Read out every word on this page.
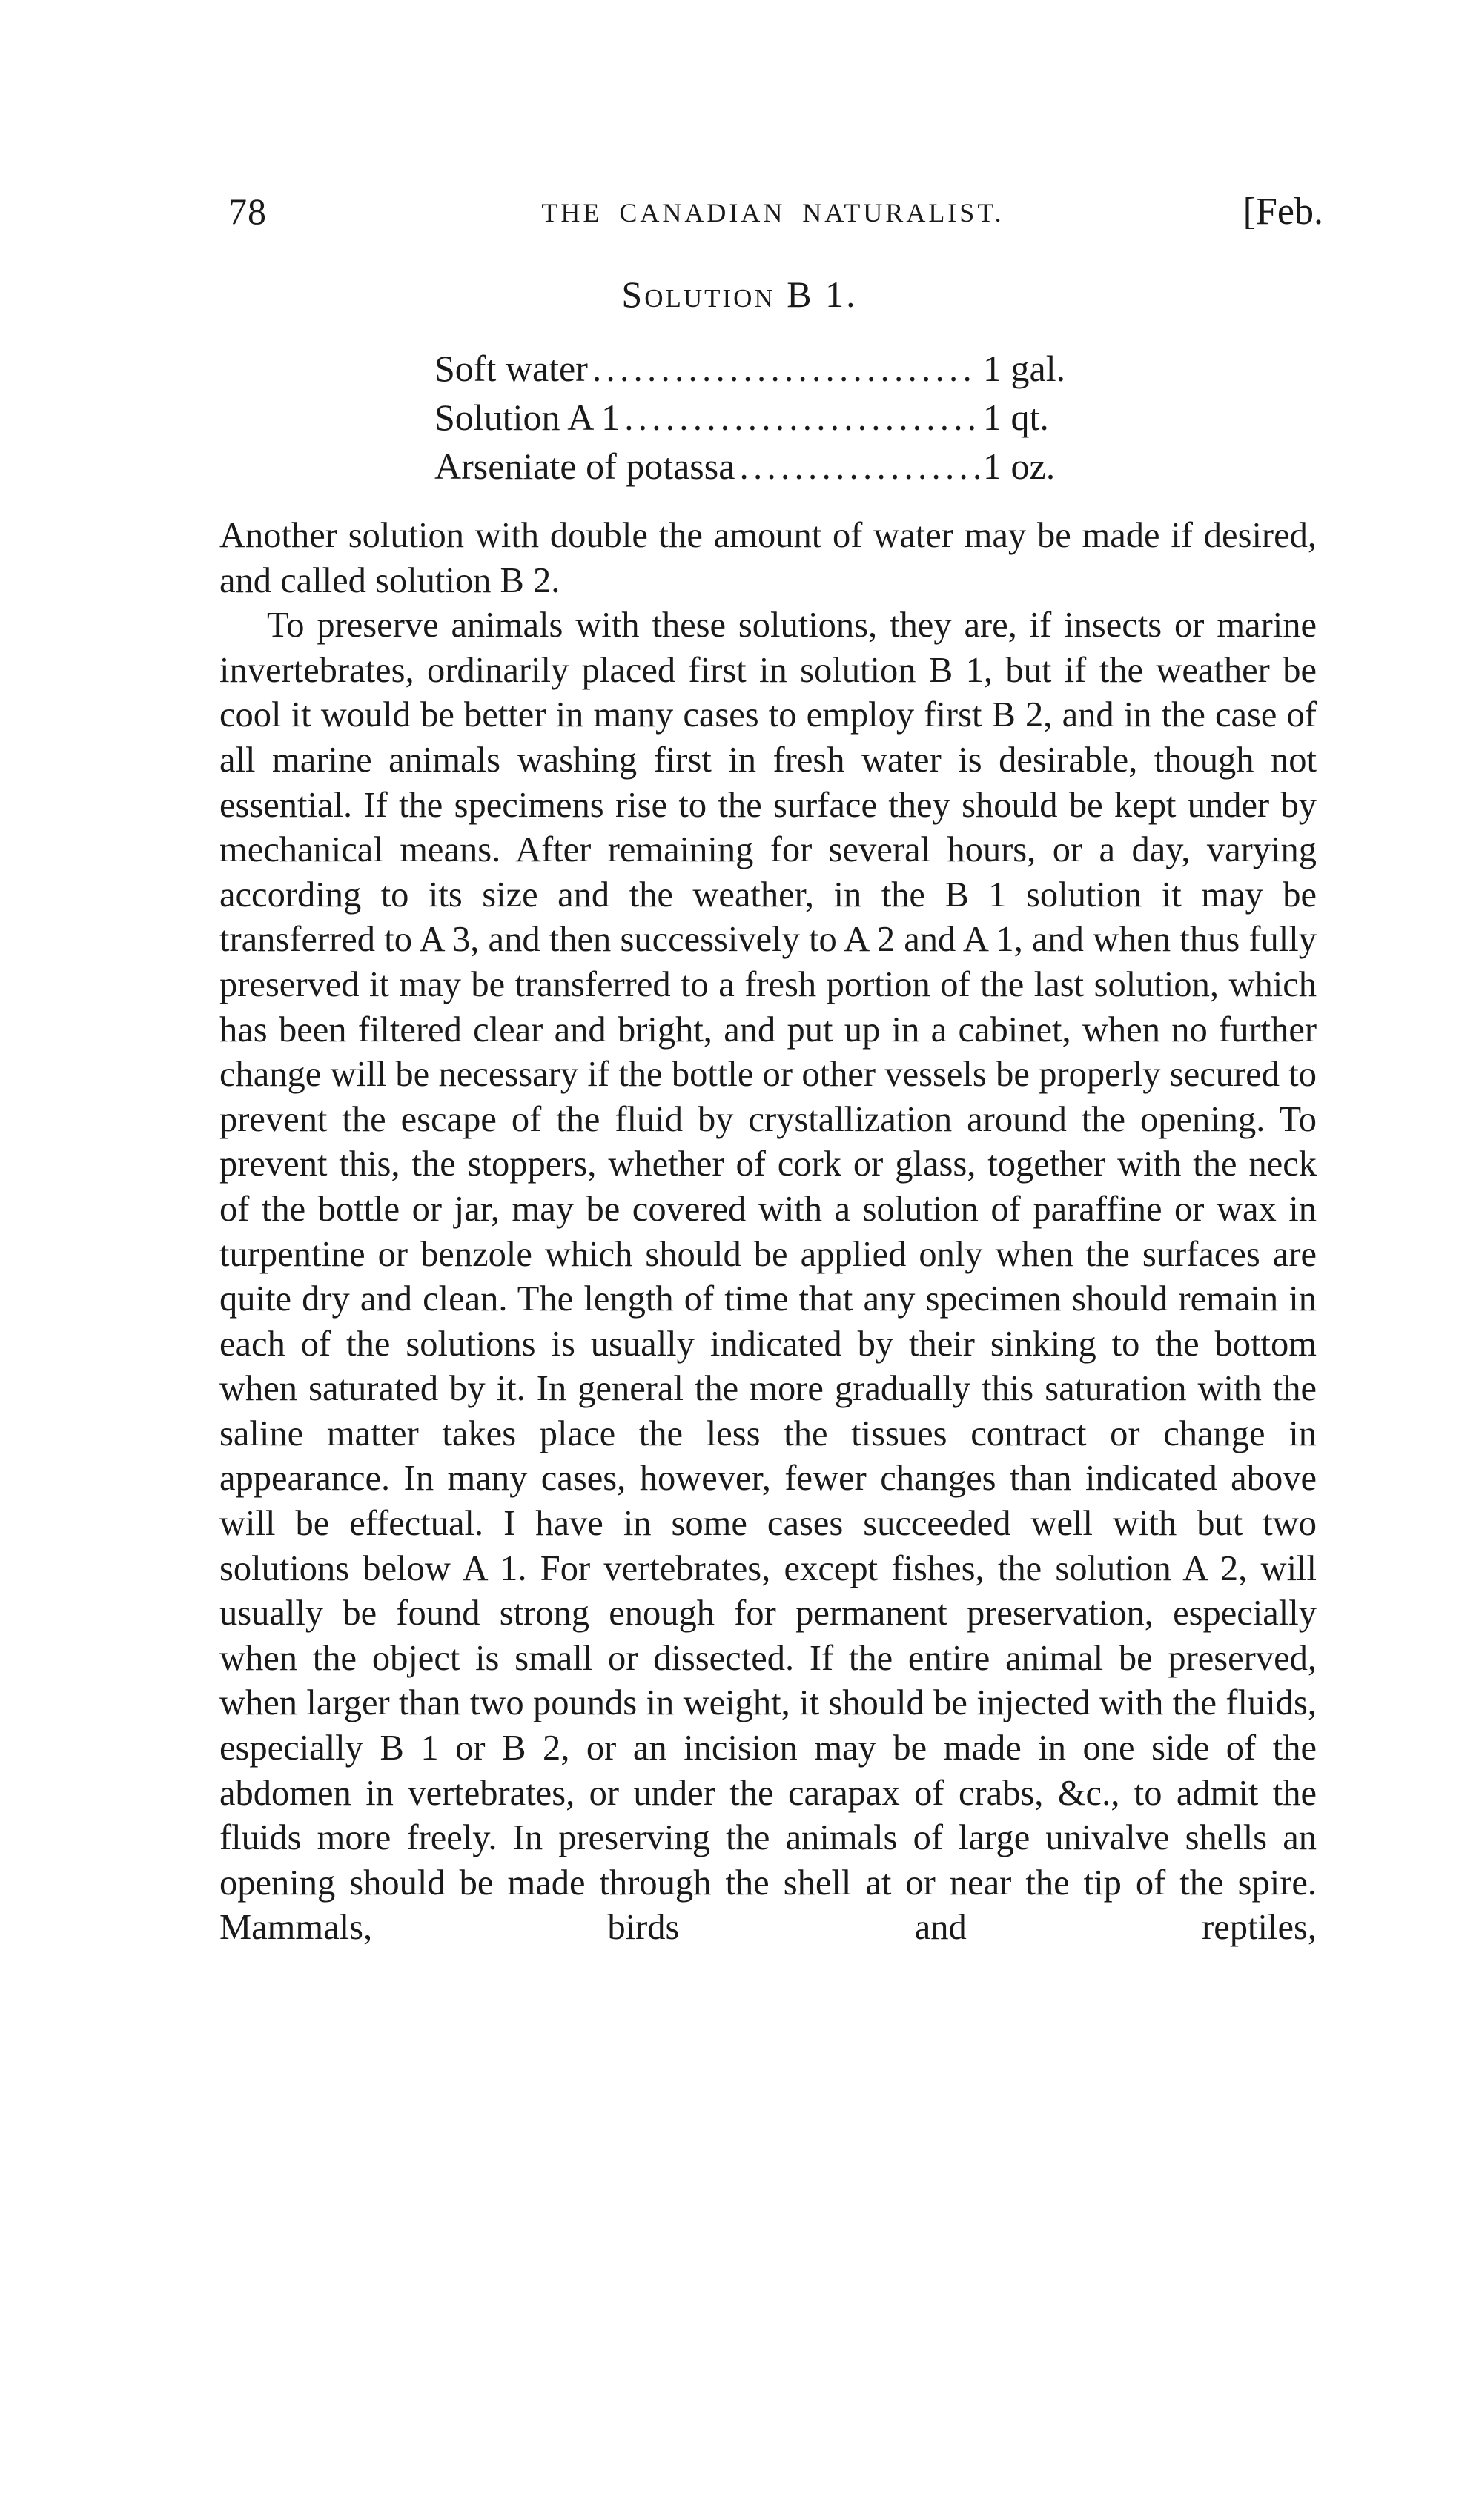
78	THE CANADIAN NATURALIST.	[Feb.
Solution B 1.
Soft water .....	1 gal.
Solution A 1 .....	1 qt.
Arseniate of potassa .....	1 oz.

Another solution with double the amount of water may be made if desired, and called solution B 2.

To preserve animals with these solutions, they are, if insects or marine invertebrates, ordinarily placed first in solution B 1, but if the weather be cool it would be better in many cases to employ first B 2, and in the case of all marine animals washing first in fresh water is desirable, though not essential. If the specimens rise to the surface they should be kept under by mechanical means. After remaining for several hours, or a day, varying according to its size and the weather, in the B 1 solution it may be transferred to A 3, and then successively to A 2 and A 1, and when thus fully preserved it may be transferred to a fresh portion of the last solution, which has been filtered clear and bright, and put up in a cabinet, when no further change will be necessary if the bottle or other vessels be properly secured to prevent the escape of the fluid by crystallization around the opening. To prevent this, the stoppers, whether of cork or glass, together with the neck of the bottle or jar, may be covered with a solution of paraffine or wax in turpentine or benzole which should be applied only when the surfaces are quite dry and clean. The length of time that any specimen should remain in each of the solutions is usually indicated by their sinking to the bottom when saturated by it. In general the more gradually this saturation with the saline matter takes place the less the tissues contract or change in appearance. In many cases, however, fewer changes than indicated above will be effectual. I have in some cases succeeded well with but two solutions below A 1. For vertebrates, except fishes, the solution A 2, will usually be found strong enough for permanent preservation, especially when the object is small or dissected. If the entire animal be preserved, when larger than two pounds in weight, it should be injected with the fluids, especially B 1 or B 2, or an incision may be made in one side of the abdomen in vertebrates, or under the carapax of crabs, &c., to admit the fluids more freely. In preserving the animals of large univalve shells an opening should be made through the shell at or near the tip of the spire. Mammals, birds and reptiles,
